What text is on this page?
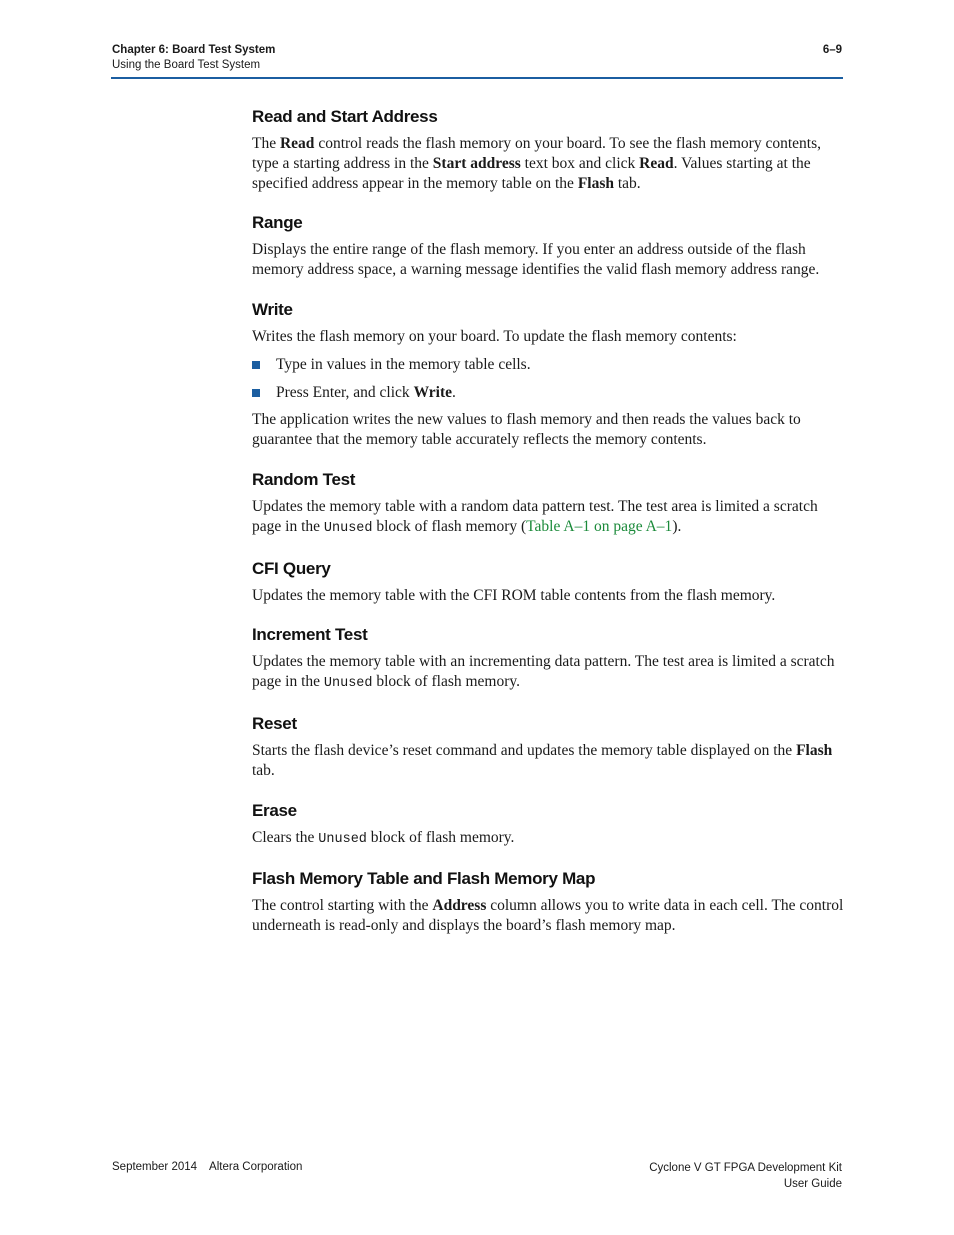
Chapter 6: Board Test System
Using the Board Test System
6–9
Read and Start Address

The Read control reads the flash memory on your board. To see the flash memory contents, type a starting address in the Start address text box and click Read. Values starting at the specified address appear in the memory table on the Flash tab.

Range

Displays the entire range of the flash memory. If you enter an address outside of the flash memory address space, a warning message identifies the valid flash memory address range.

Write

Writes the flash memory on your board. To update the flash memory contents:

Type in values in the memory table cells.
Press Enter, and click Write.

The application writes the new values to flash memory and then reads the values back to guarantee that the memory table accurately reflects the memory contents.

Random Test

Updates the memory table with a random data pattern test. The test area is limited a scratch page in the Unused block of flash memory (Table A–1 on page A–1).

CFI Query

Updates the memory table with the CFI ROM table contents from the flash memory.

Increment Test

Updates the memory table with an incrementing data pattern. The test area is limited a scratch page in the Unused block of flash memory.

Reset

Starts the flash device’s reset command and updates the memory table displayed on the Flash tab.

Erase

Clears the Unused block of flash memory.

Flash Memory Table and Flash Memory Map

The control starting with the Address column allows you to write data in each cell. The control underneath is read-only and displays the board’s flash memory map.

September 2014 Altera Corporation	Cyclone V GT FPGA Development Kit
User Guide
